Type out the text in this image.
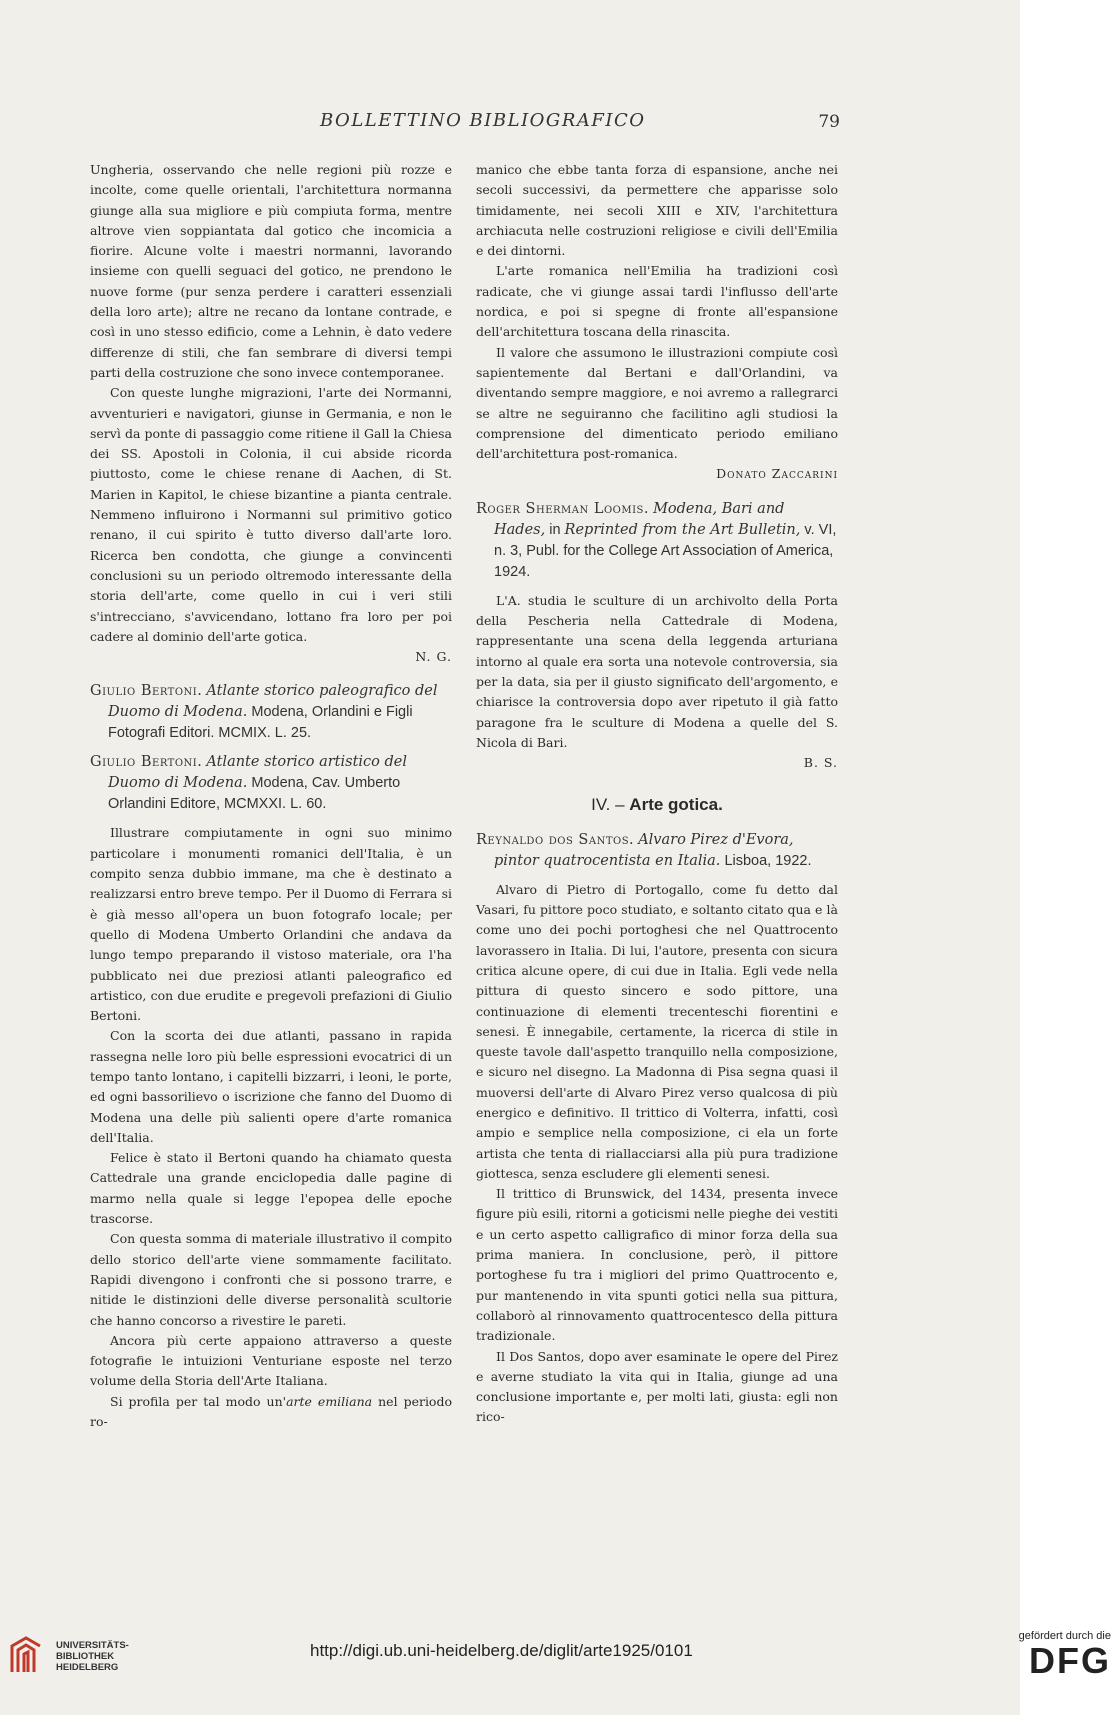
BOLLETTINO BIBLIOGRAFICO	79

Ungheria, osservando che nelle regioni più rozze e incolte, come quelle orientali, l'architettura normanna giunge alla sua migliore e più compiuta forma, mentre altrove vien soppiantata dal gotico che incomicia a fiorire. Alcune volte i maestri normanni, lavorando insieme con quelli seguaci del gotico, ne prendono le nuove forme (pur senza perdere i caratteri essenziali della loro arte); altre ne recano da lontane contrade, e così in uno stesso edificio, come a Lehnin, è dato vedere differenze di stili, che fan sembrare di diversi tempi parti della costruzione che sono invece contemporanee.

Con queste lunghe migrazioni, l'arte dei Normanni, avventurieri e navigatori, giunse in Germania, e non le servì da ponte di passaggio come ritiene il Gall la Chiesa dei SS. Apostoli in Colonia, il cui abside ricorda piuttosto, come le chiese renane di Aachen, di St. Marien in Kapitol, le chiese bizantine a pianta centrale. Nemmeno influirono i Normanni sul primitivo gotico renano, il cui spirito è tutto diverso dall'arte loro. Ricerca ben condotta, che giunge a convincenti conclusioni su un periodo oltremodo interessante della storia dell'arte, come quello in cui i veri stili s'intrecciano, s'avvicendano, lottano fra loro per poi cadere al dominio dell'arte gotica.

N. G.

Giulio Bertoni. Atlante storico paleografico del Duomo di Modena. Modena, Orlandini e Figli Fotografi Editori. MCMIX. L. 25.
Giulio Bertoni. Atlante storico artistico del Duomo di Modena. Modena, Cav. Umberto Orlandini Editore, MCMXXI. L. 60.

Illustrare compiutamente in ogni suo minimo particolare i monumenti romanici dell'Italia, è un compito senza dubbio immane, ma che è destinato a realizzarsi entro breve tempo. Per il Duomo di Ferrara si è già messo all'opera un buon fotografo locale; per quello di Modena Umberto Orlandini che andava da lungo tempo preparando il vistoso materiale, ora l'ha pubblicato nei due preziosi atlanti paleografico ed artistico, con due erudite e pregevoli prefazioni di Giulio Bertoni.

Con la scorta dei due atlanti, passano in rapida rassegna nelle loro più belle espressioni evocatrici di un tempo tanto lontano, i capitelli bizzarri, i leoni, le porte, ed ogni bassorilievo o iscrizione che fanno del Duomo di Modena una delle più salienti opere d'arte romanica dell'Italia.

Felice è stato il Bertoni quando ha chiamato questa Cattedrale una grande enciclopedia dalle pagine di marmo nella quale si legge l'epopea delle epoche trascorse.

Con questa somma di materiale illustrativo il compito dello storico dell'arte viene sommamente facilitato. Rapidi divengono i confronti che si possono trarre, e nitide le distinzioni delle diverse personalità scultorie che hanno concorso a rivestire le pareti.

Ancora più certe appaiono attraverso a queste fotografie le intuizioni Venturiane esposte nel terzo volume della Storia dell'Arte Italiana.

Si profila per tal modo un'arte emiliana nel periodo ro-

manico che ebbe tanta forza di espansione, anche nei secoli successivi, da permettere che apparisse solo timidamente, nei secoli XIII e XIV, l'architettura archiacuta nelle costruzioni religiose e civili dell'Emilia e dei dintorni.

L'arte romanica nell'Emilia ha tradizioni così radicate, che vi giunge assai tardi l'influsso dell'arte nordica, e poi si spegne di fronte all'espansione dell'architettura toscana della rinascita.

Il valore che assumono le illustrazioni compiute così sapientemente dal Bertani e dall'Orlandini, va diventando sempre maggiore, e noi avremo a rallegrarci se altre ne seguiranno che facilitino agli studiosi la comprensione del dimenticato periodo emiliano dell'architettura post-romanica.

Donato Zaccarini

Roger Sherman Loomis. Modena, Bari and Hades, in Reprinted from the Art Bulletin, v. VI, n. 3, Publ. for the College Art Association of America, 1924.

L'A. studia le sculture di un archivolto della Porta della Pescheria nella Cattedrale di Modena, rappresentante una scena della leggenda arturiana intorno al quale era sorta una notevole controversia, sia per la data, sia per il giusto significato dell'argomento, e chiarisce la controversia dopo aver ripetuto il già fatto paragone fra le sculture di Modena a quelle del S. Nicola di Bari.

B. S.

IV. – Arte gotica.
Reynaldo dos Santos. Alvaro Pirez d'Evora, pintor quatrocentista en Italia. Lisboa, 1922.

Alvaro di Pietro di Portogallo, come fu detto dal Vasari, fu pittore poco studiato, e soltanto citato qua e là come uno dei pochi portoghesi che nel Quattrocento lavorassero in Italia. Di lui, l'autore, presenta con sicura critica alcune opere, di cui due in Italia. Egli vede nella pittura di questo sincero e sodo pittore, una continuazione di elementi trecenteschi fiorentini e senesi. È innegabile, certamente, la ricerca di stile in queste tavole dall'aspetto tranquillo nella composizione, e sicuro nel disegno. La Madonna di Pisa segna quasi il muoversi dell'arte di Alvaro Pirez verso qualcosa di più energico e definitivo. Il trittico di Volterra, infatti, così ampio e semplice nella composizione, ci ela un forte artista che tenta di riallacciarsi alla più pura tradizione giottesca, senza escludere gli elementi senesi.

Il trittico di Brunswick, del 1434, presenta invece figure più esili, ritorni a goticismi nelle pieghe dei vestiti e un certo aspetto calligrafico di minor forza della sua prima maniera. In conclusione, però, il pittore portoghese fu tra i migliori del primo Quattrocento e, pur mantenendo in vita spunti gotici nella sua pittura, collaborò al rinnovamento quattrocentesco della pittura tradizionale.

Il Dos Santos, dopo aver esaminate le opere del Pirez e averne studiato la vita qui in Italia, giunge ad una conclusione importante e, per molti lati, giusta: egli non rico-

UNIVERSITÄTS-
BIBLIOTHEK
HEIDELBERG
http://digi.ub.uni-heidelberg.de/diglit/arte1925/0101
gefördert durch die
DFG
